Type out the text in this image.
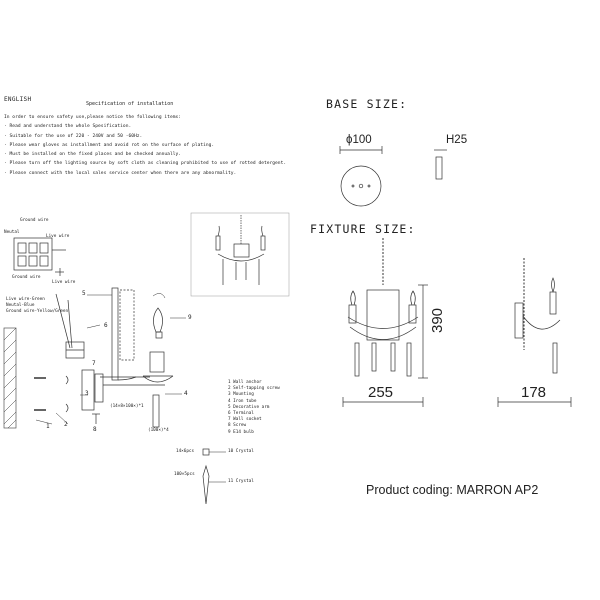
ENGLISH
Specification of installation
In order to ensure safety use,please notice the following items:
· Read and understand the whole Spesification.
· Suitable for the use of 220 - 240V and 50 -60Hz.
· Please wear gloves as installment and avoid rot on the surface of plating.
· Must be installed on the fixed places and be checked annually.
· Please turn off the lighting source by soft cloth as cleaning prohibited to use of rotted detergent.
· Please connect with the local sales service center when there are any abnormality.
BASE SIZE:
FIXTURE SIZE:
ϕ100	H25
390
255	178
Ground wire
Neutal
Live wire
Ground wire
Live wire
Live wire-Green
Neutal-Blue
Ground wire-Yellow/Green
5
6
9
7
3	4
2
1	8
(14×8×100×)*1
(100×)*4
1 Wall anchor
2 Self-tapping screw
3 Mounting
4 Iron tube
5 Decorative arm
6 Terminal
7 Wall socket
8 Screw
9 E14 bulb
14×6pcs	10 Crystal
100×5pcs
11 Crystal
Product coding: MARRON AP2
